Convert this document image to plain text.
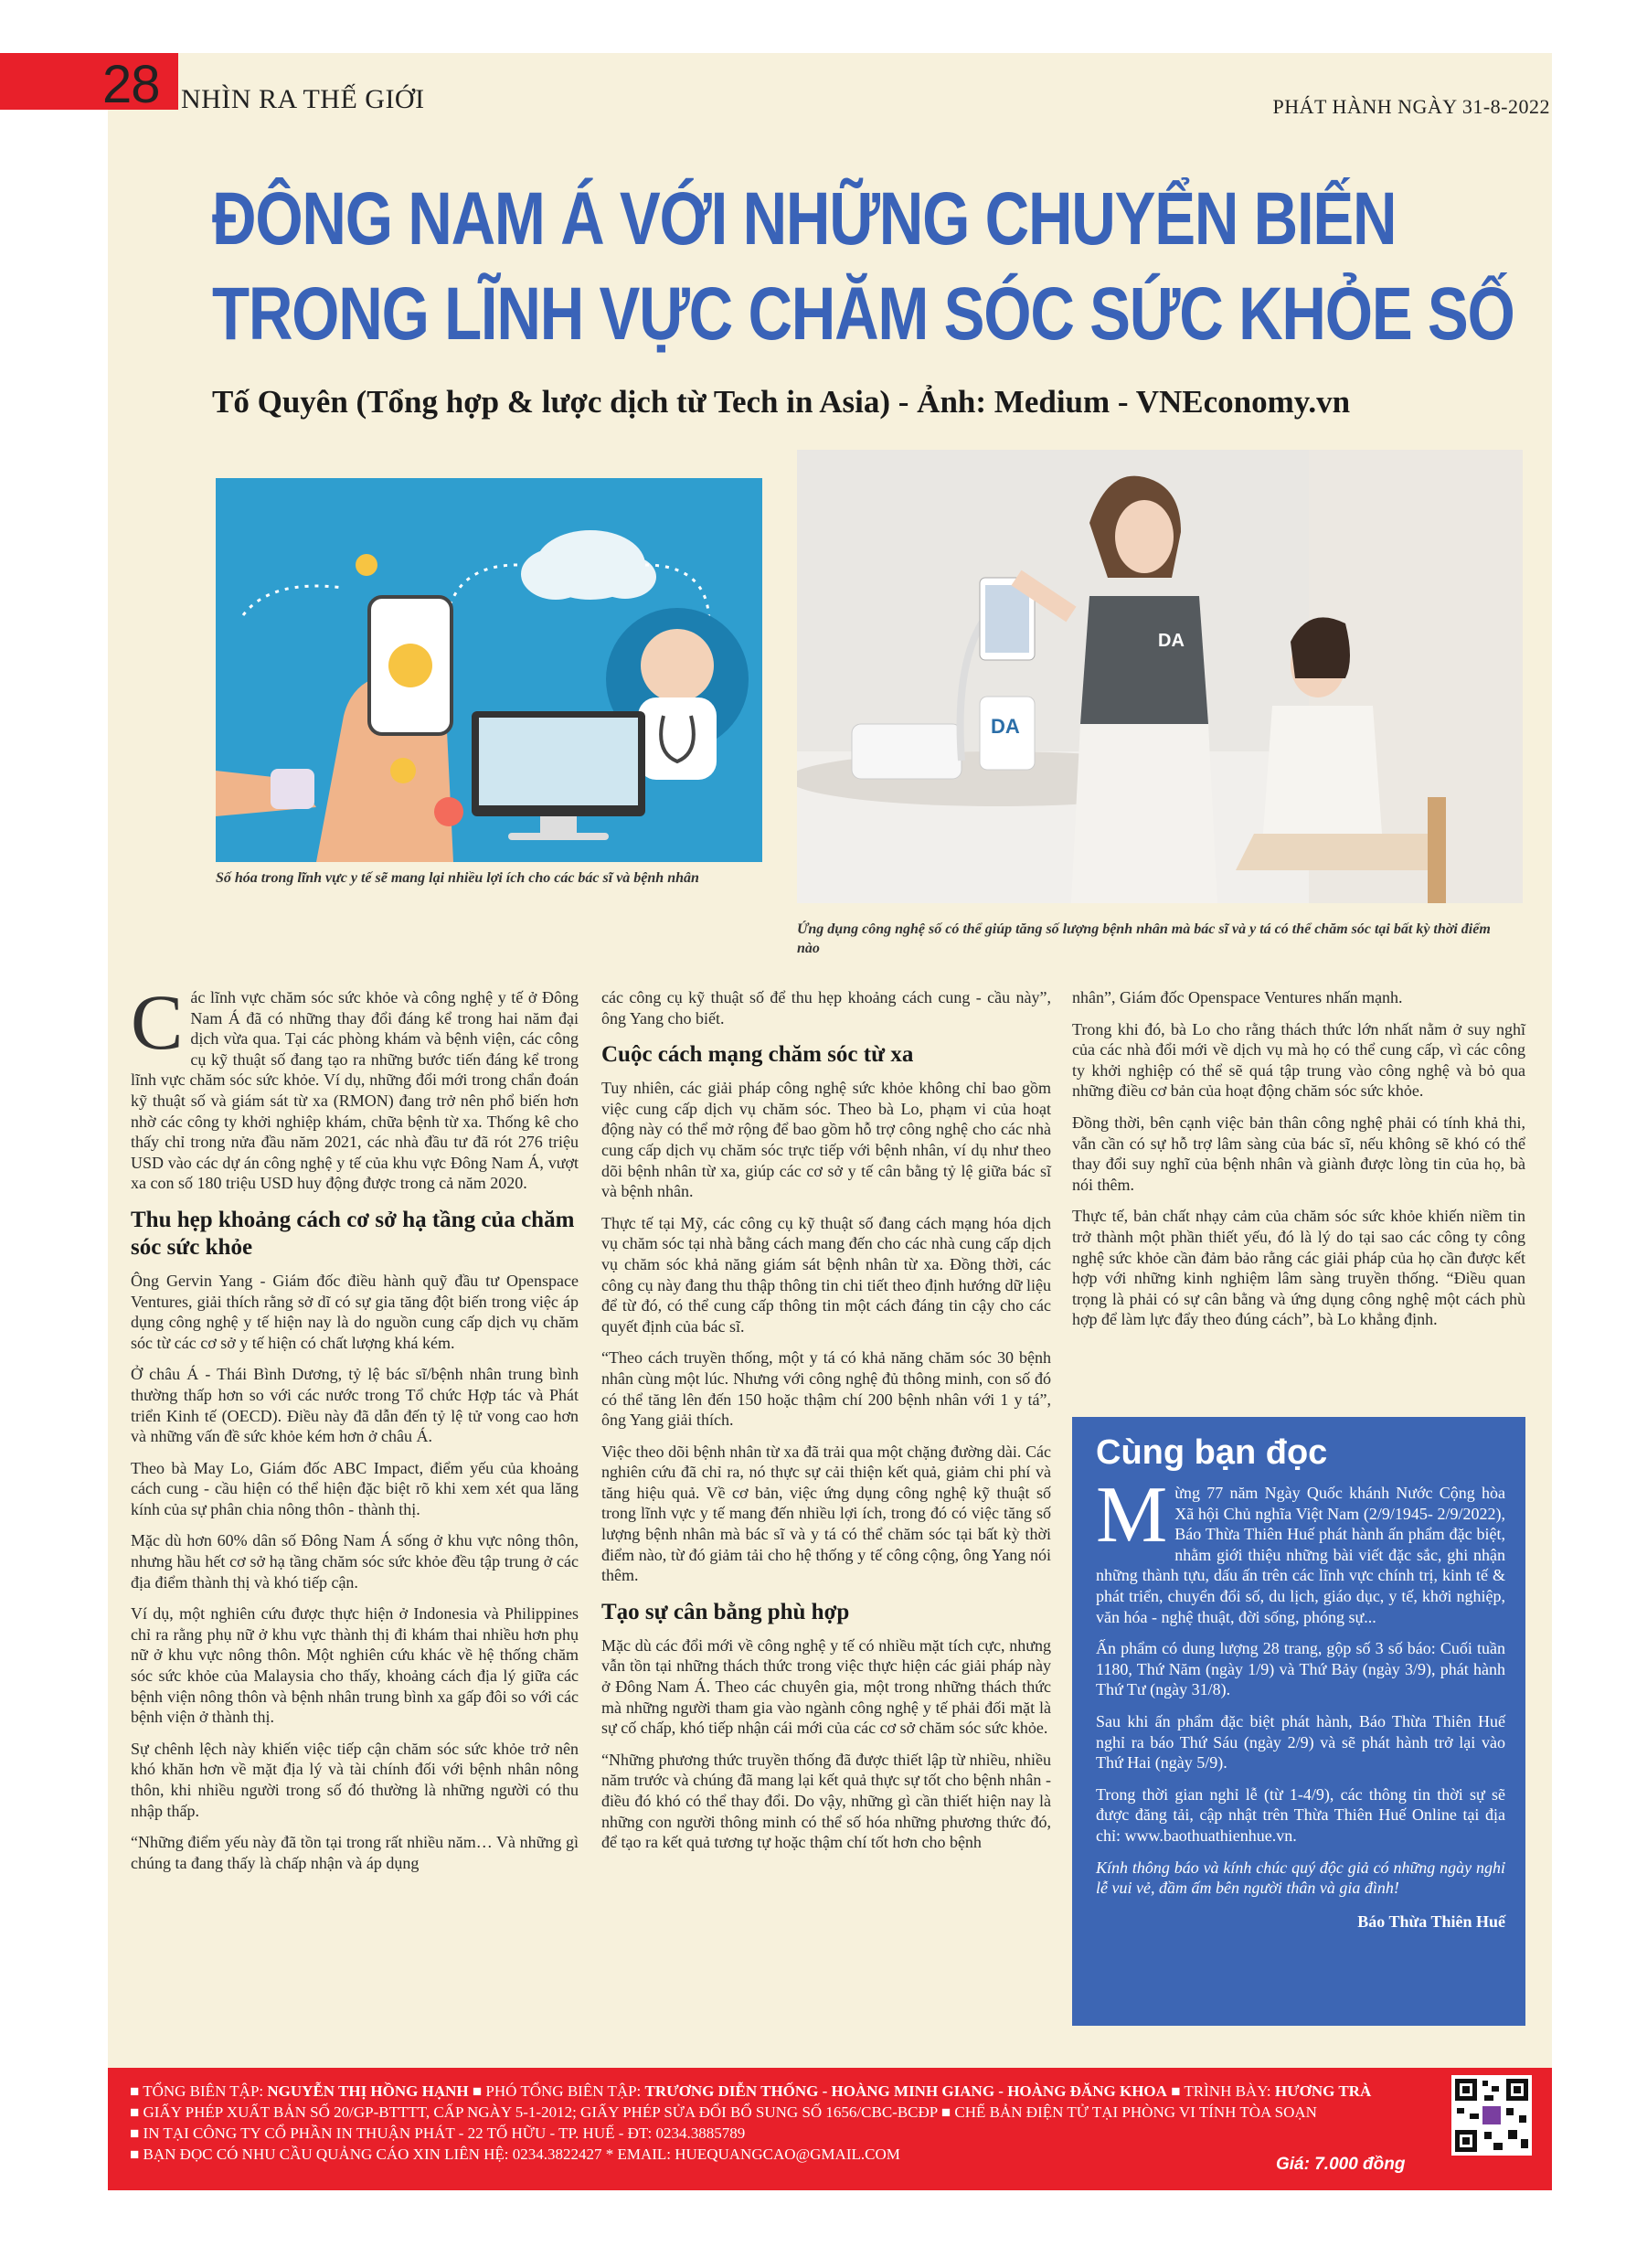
28 NHÌN RA THẾ GIỚI	PHÁT HÀNH NGÀY 31-8-2022
ĐÔNG NAM Á VỚI NHỮNG CHUYỂN BIẾN
TRONG LĨNH VỰC CHĂM SÓC SỨC KHỎE SỐ
Tố Quyên (Tổng hợp & lược dịch từ Tech in Asia) - Ảnh: Medium - VNEconomy.vn
Số hóa trong lĩnh vực y tế sẽ mang lại nhiều lợi ích cho các bác sĩ và bệnh nhân
DA
DA
Ứng dụng công nghệ số có thể giúp tăng số lượng bệnh nhân mà bác sĩ và y tá có thể chăm sóc tại bất kỳ thời điểm nào

Các lĩnh vực chăm sóc sức khỏe và công nghệ y tế ở Đông Nam Á đã có những thay đổi đáng kể trong hai năm đại dịch vừa qua. Tại các phòng khám và bệnh viện, các công cụ kỹ thuật số đang tạo ra những bước tiến đáng kể trong lĩnh vực chăm sóc sức khỏe. Ví dụ, những đổi mới trong chẩn đoán kỹ thuật số và giám sát từ xa (RMON) đang trở nên phổ biến hơn nhờ các công ty khởi nghiệp khám, chữa bệnh từ xa. Thống kê cho thấy chỉ trong nửa đầu năm 2021, các nhà đầu tư đã rót 276 triệu USD vào các dự án công nghệ y tế của khu vực Đông Nam Á, vượt xa con số 180 triệu USD huy động được trong cả năm 2020.

Thu hẹp khoảng cách cơ sở hạ tầng của chăm sóc sức khỏe

Ông Gervin Yang - Giám đốc điều hành quỹ đầu tư Openspace Ventures, giải thích rằng sở dĩ có sự gia tăng đột biến trong việc áp dụng công nghệ y tế hiện nay là do nguồn cung cấp dịch vụ chăm sóc từ các cơ sở y tế hiện có chất lượng khá kém.

Ở châu Á - Thái Bình Dương, tỷ lệ bác sĩ/bệnh nhân trung bình thường thấp hơn so với các nước trong Tổ chức Hợp tác và Phát triển Kinh tế (OECD). Điều này đã dẫn đến tỷ lệ tử vong cao hơn và những vấn đề sức khỏe kém hơn ở châu Á.

Theo bà May Lo, Giám đốc ABC Impact, điểm yếu của khoảng cách cung - cầu hiện có thể hiện đặc biệt rõ khi xem xét qua lăng kính của sự phân chia nông thôn - thành thị.

Mặc dù hơn 60% dân số Đông Nam Á sống ở khu vực nông thôn, nhưng hầu hết cơ sở hạ tầng chăm sóc sức khỏe đều tập trung ở các địa điểm thành thị và khó tiếp cận.

Ví dụ, một nghiên cứu được thực hiện ở Indonesia và Philippines chỉ ra rằng phụ nữ ở khu vực thành thị đi khám thai nhiều hơn phụ nữ ở khu vực nông thôn. Một nghiên cứu khác về hệ thống chăm sóc sức khỏe của Malaysia cho thấy, khoảng cách địa lý giữa các bệnh viện nông thôn và bệnh nhân trung bình xa gấp đôi so với các bệnh viện ở thành thị.

Sự chênh lệch này khiến việc tiếp cận chăm sóc sức khỏe trở nên khó khăn hơn về mặt địa lý và tài chính đối với bệnh nhân nông thôn, khi nhiều người trong số đó thường là những người có thu nhập thấp.

“Những điểm yếu này đã tồn tại trong rất nhiều năm… Và những gì chúng ta đang thấy là chấp nhận và áp dụng

các công cụ kỹ thuật số để thu hẹp khoảng cách cung - cầu này”, ông Yang cho biết.

Cuộc cách mạng chăm sóc từ xa

Tuy nhiên, các giải pháp công nghệ sức khỏe không chỉ bao gồm việc cung cấp dịch vụ chăm sóc. Theo bà Lo, phạm vi của hoạt động này có thể mở rộng để bao gồm hỗ trợ công nghệ cho các nhà cung cấp dịch vụ chăm sóc trực tiếp với bệnh nhân, ví dụ như theo dõi bệnh nhân từ xa, giúp các cơ sở y tế cân bằng tỷ lệ giữa bác sĩ và bệnh nhân.

Thực tế tại Mỹ, các công cụ kỹ thuật số đang cách mạng hóa dịch vụ chăm sóc tại nhà bằng cách mang đến cho các nhà cung cấp dịch vụ chăm sóc khả năng giám sát bệnh nhân từ xa. Đồng thời, các công cụ này đang thu thập thông tin chi tiết theo định hướng dữ liệu để từ đó, có thể cung cấp thông tin một cách đáng tin cậy cho các quyết định của bác sĩ.

“Theo cách truyền thống, một y tá có khả năng chăm sóc 30 bệnh nhân cùng một lúc. Nhưng với công nghệ đủ thông minh, con số đó có thể tăng lên đến 150 hoặc thậm chí 200 bệnh nhân với 1 y tá”, ông Yang giải thích.

Việc theo dõi bệnh nhân từ xa đã trải qua một chặng đường dài. Các nghiên cứu đã chỉ ra, nó thực sự cải thiện kết quả, giảm chi phí và tăng hiệu quả. Về cơ bản, việc ứng dụng công nghệ kỹ thuật số trong lĩnh vực y tế mang đến nhiều lợi ích, trong đó có việc tăng số lượng bệnh nhân mà bác sĩ và y tá có thể chăm sóc tại bất kỳ thời điểm nào, từ đó giảm tải cho hệ thống y tế công cộng, ông Yang nói thêm.

Tạo sự cân bằng phù hợp

Mặc dù các đổi mới về công nghệ y tế có nhiều mặt tích cực, nhưng vẫn tồn tại những thách thức trong việc thực hiện các giải pháp này ở Đông Nam Á. Theo các chuyên gia, một trong những thách thức mà những người tham gia vào ngành công nghệ y tế phải đối mặt là sự cố chấp, khó tiếp nhận cái mới của các cơ sở chăm sóc sức khỏe.

“Những phương thức truyền thống đã được thiết lập từ nhiều, nhiều năm trước và chúng đã mang lại kết quả thực sự tốt cho bệnh nhân - điều đó khó có thể thay đổi. Do vậy, những gì cần thiết hiện nay là những con người thông minh có thể số hóa những phương thức đó, để tạo ra kết quả tương tự hoặc thậm chí tốt hơn cho bệnh

nhân”, Giám đốc Openspace Ventures nhấn mạnh.

Trong khi đó, bà Lo cho rằng thách thức lớn nhất nằm ở suy nghĩ của các nhà đổi mới về dịch vụ mà họ có thể cung cấp, vì các công ty khởi nghiệp có thể sẽ quá tập trung vào công nghệ và bỏ qua những điều cơ bản của hoạt động chăm sóc sức khỏe.

Đồng thời, bên cạnh việc bản thân công nghệ phải có tính khả thi, vẫn cần có sự hỗ trợ lâm sàng của bác sĩ, nếu không sẽ khó có thể thay đổi suy nghĩ của bệnh nhân và giành được lòng tin của họ, bà nói thêm.

Thực tế, bản chất nhạy cảm của chăm sóc sức khỏe khiến niềm tin trở thành một phần thiết yếu, đó là lý do tại sao các công ty công nghệ sức khỏe cần đảm bảo rằng các giải pháp của họ cần được kết hợp với những kinh nghiệm lâm sàng truyền thống. “Điều quan trọng là phải có sự cân bằng và ứng dụng công nghệ một cách phù hợp để làm lực đẩy theo đúng cách”, bà Lo khẳng định.

Cùng bạn đọc

Mừng 77 năm Ngày Quốc khánh Nước Cộng hòa Xã hội Chủ nghĩa Việt Nam (2/9/1945- 2/9/2022), Báo Thừa Thiên Huế phát hành ấn phẩm đặc biệt, nhằm giới thiệu những bài viết đặc sắc, ghi nhận những thành tựu, dấu ấn trên các lĩnh vực chính trị, kinh tế & phát triển, chuyển đổi số, du lịch, giáo dục, y tế, khởi nghiệp, văn hóa - nghệ thuật, đời sống, phóng sự...

Ấn phẩm có dung lượng 28 trang, gộp số 3 số báo: Cuối tuần 1180, Thứ Năm (ngày 1/9) và Thứ Bảy (ngày 3/9), phát hành Thứ Tư (ngày 31/8).

Sau khi ấn phẩm đặc biệt phát hành, Báo Thừa Thiên Huế nghỉ ra báo Thứ Sáu (ngày 2/9) và sẽ phát hành trở lại vào Thứ Hai (ngày 5/9).

Trong thời gian nghỉ lễ (từ 1-4/9), các thông tin thời sự sẽ được đăng tải, cập nhật trên Thừa Thiên Huế Online tại địa chỉ: www.baothuathienhue.vn.

Kính thông báo và kính chúc quý độc giả có những ngày nghỉ lễ vui vẻ, đầm ấm bên người thân và gia đình!

Báo Thừa Thiên Huế
■ TỔNG BIÊN TẬP: NGUYỄN THỊ HỒNG HẠNH ■ PHÓ TỔNG BIÊN TẬP: TRƯƠNG DIỄN THỐNG - HOÀNG MINH GIANG - HOÀNG ĐĂNG KHOA ■ TRÌNH BÀY: HƯƠNG TRÀ
■ GIẤY PHÉP XUẤT BẢN SỐ 20/GP-BTTTT, CẤP NGÀY 5-1-2012; GIẤY PHÉP SỬA ĐỔI BỔ SUNG SỐ 1656/CBC-BCĐP ■ CHẾ BẢN ĐIỆN TỬ TẠI PHÒNG VI TÍNH TÒA SOẠN
■ IN TẠI CÔNG TY CỔ PHẦN IN THUẬN PHÁT - 22 TỐ HỮU - TP. HUẾ - ĐT: 0234.3885789
■ BẠN ĐỌC CÓ NHU CẦU QUẢNG CÁO XIN LIÊN HỆ: 0234.3822427 * EMAIL: HUEQUANGCAO@GMAIL.COM
Giá: 7.000 đồng
